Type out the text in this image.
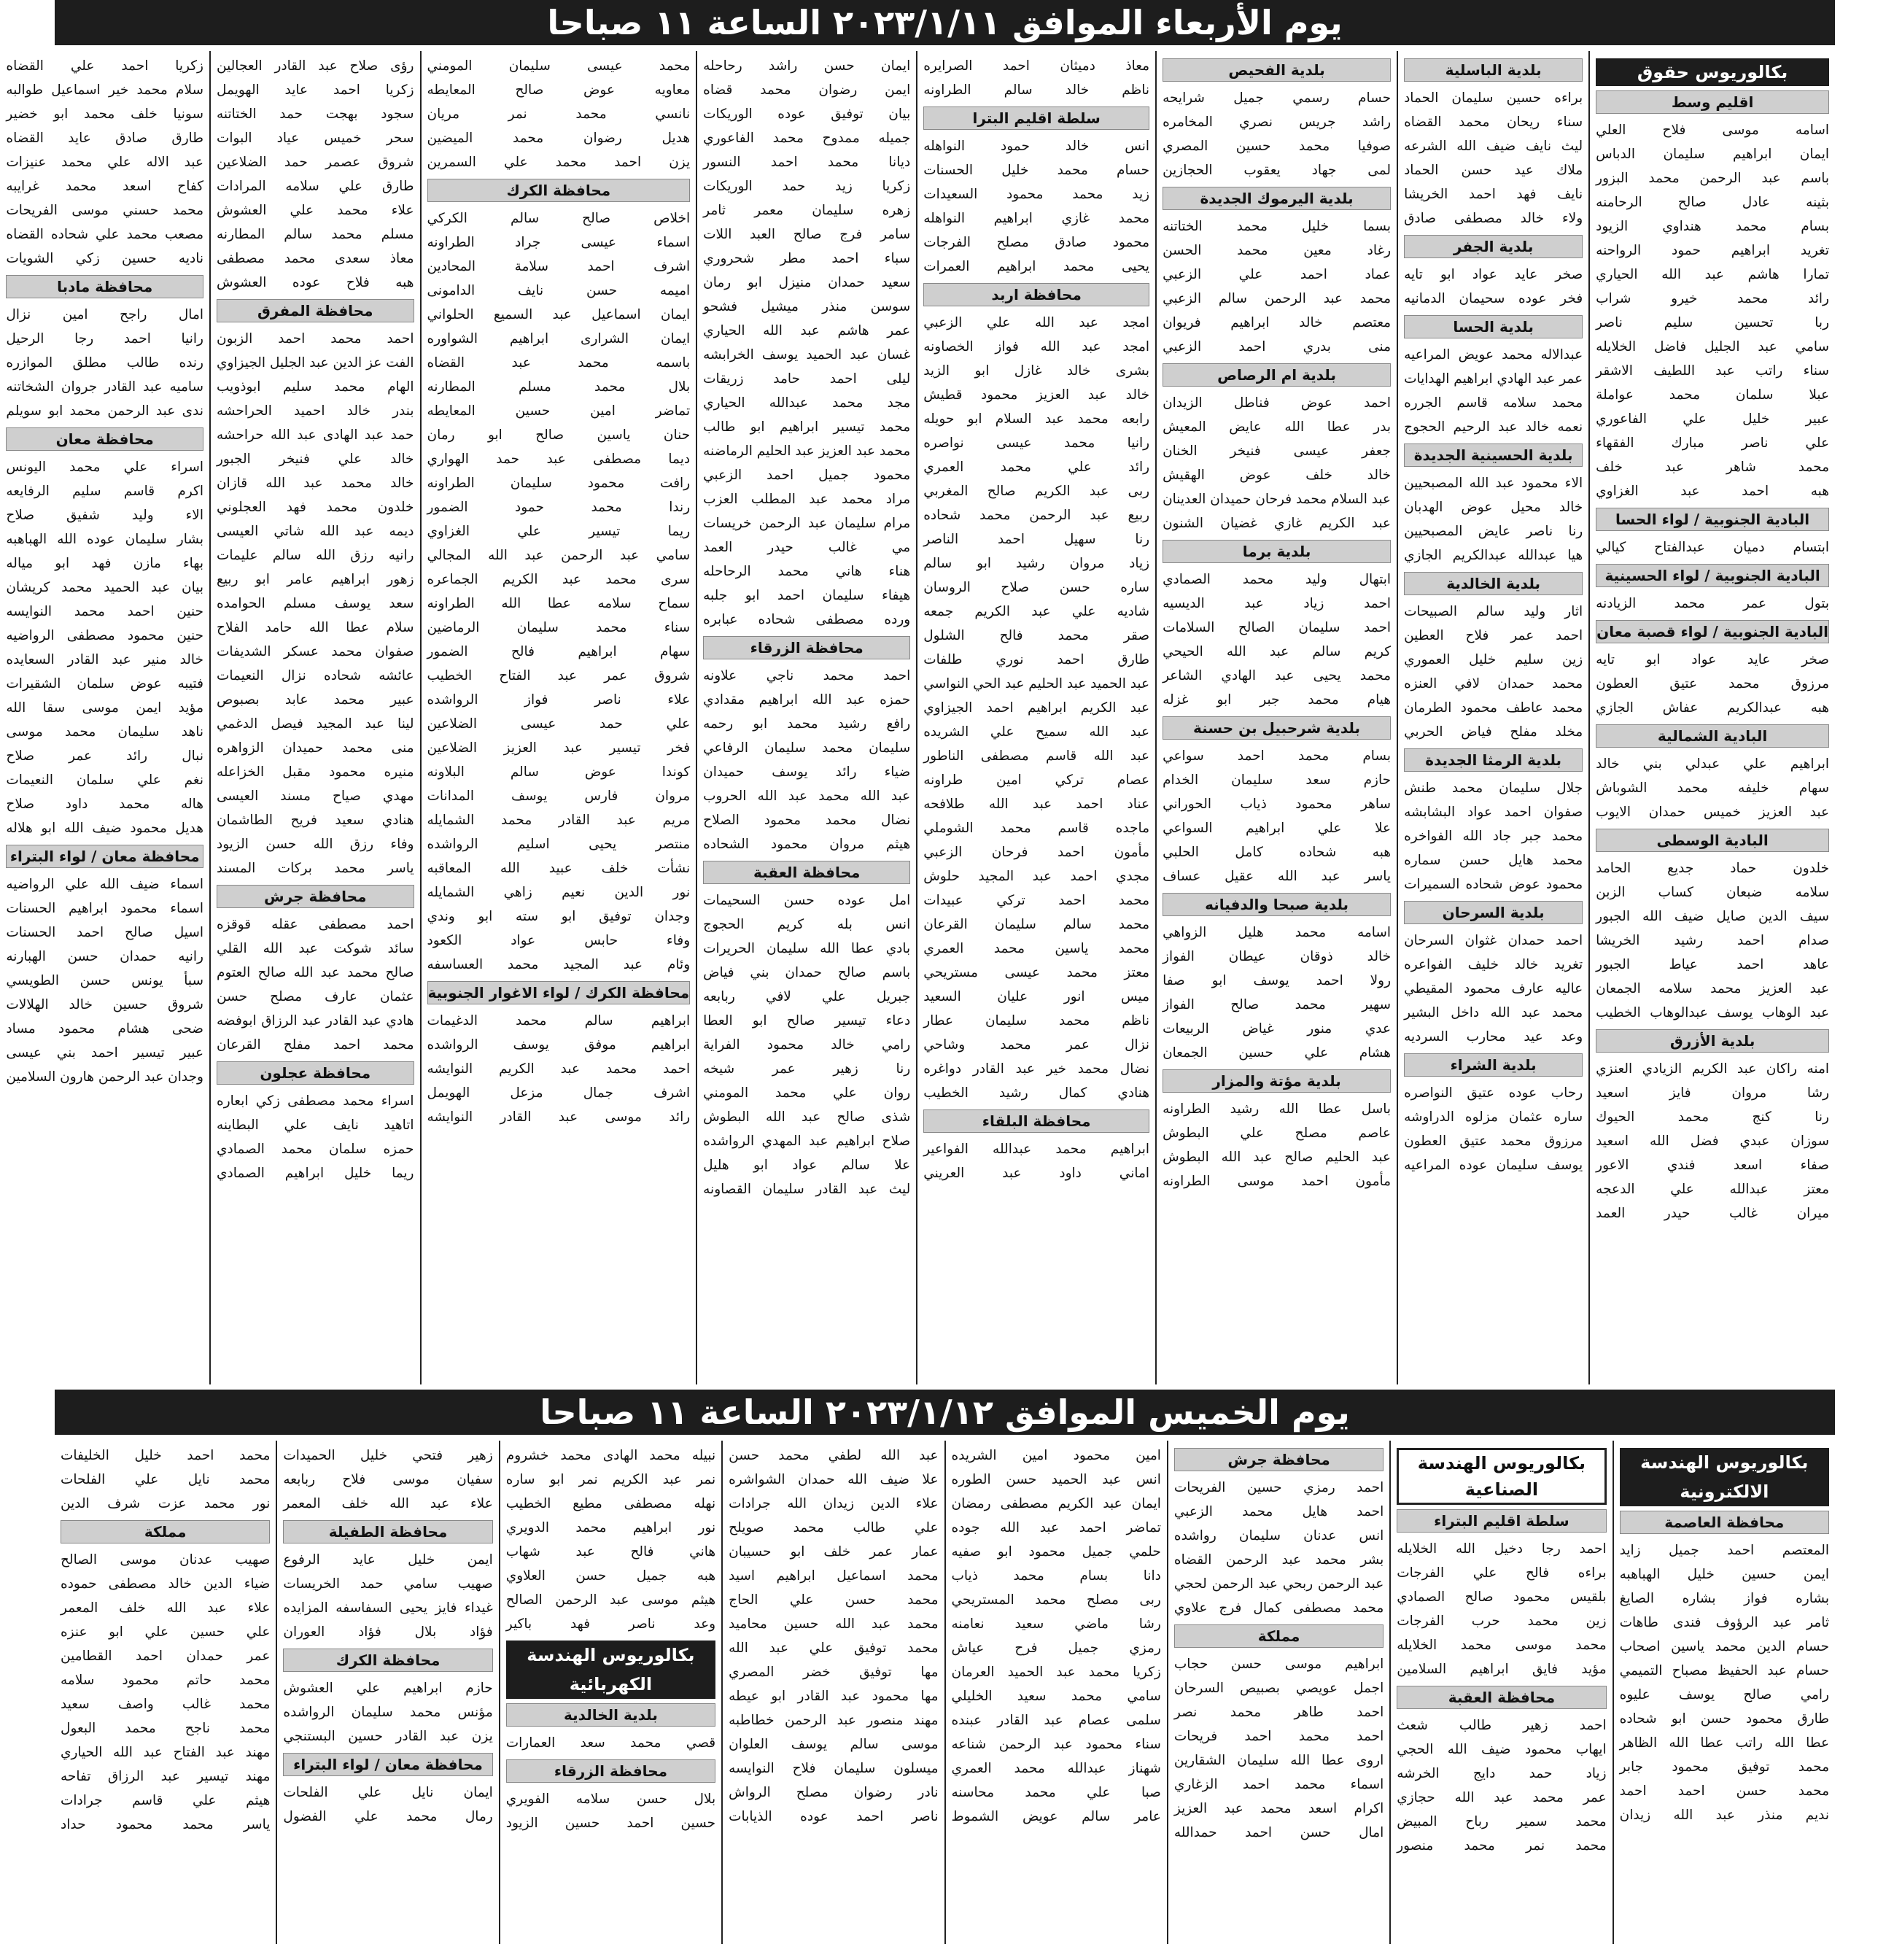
يوم الأربعاء الموافق ٢٠٢٣/١/١١ الساعة ١١ صباحا
بكالوريوس حقوق
اقليم وسط
اسامه موسى فلاح العلي
ايمان ابراهيم سليمان الدباس
باسم عبد الرحمن محمد البزور
بثينه عادل صالح الرحامنه
بسام محمد هنداوي الزيود
تغريد ابراهيم حمود الرواحنه
تمارا هاشم عبد الله الحياري
رائد محمد خيرو شراب
ربا تحسين سليم ناصر
سامي عبد الجليل فاضل الخلايله
سناء راتب عبد اللطيف الاشقر
عبلا سلمان محمد عواملة
عبير خليل علي الفاعوري
علي ناصر مبارك الفقهاء
محمد شاهر عبد خلف
هبه احمد عبد الغزاوي
البادية الجنوبية / لواء الحسا
ابتسام دميان عبدالفتاح كيالي
البادية الجنوبية / لواء الحسينية
بتول عمر محمد الزيادنه
البادية الجنوبية / لواء قصبة معان
صخر عايد عواد ابو تايه
مرزوق محمد عتيق العطون
هبه عبدالكريم عفاش الجازي
البادية الشمالية
ابراهيم علي عبدلي بني خالد
سهام خليفه محمد الشوباش
عبد العزيز خميس حمدان الايوب
البادية الوسطى
خلدون حماد جديع الحامد
سلامه ضبعان كساب الزبن
سيف الدين صايل ضيف الله الجبور
صدام احمد رشيد الخريشا
عاهد احمد عياط الجبور
عبد العزيز محمد سلامه الجمعان
عبد الوهاب يوسف عبدالوهاب الخطيب
بلدية الأزرق
امنه راكان عبد الكريم الزيادي العنزي
رشا مروان فايز اسعيد
رنا كنج محمد الحيوك
سوزان عبدي فضل الله اسعيد
صفاء اسعد فندي الاعور
معتز عبدالله علي الدعجه
ميران غالب حيدر العمد
بلدية الباسلية
براءه حسين سليمان الحماد
سناء ريحان محمد القضاه
ليث نايف ضيف الله الشرعه
ملاك عيد حسن الحماد
نايف فهد احمد الخريشا
ولاء خالد مصطفى صادق
بلدية الجفر
صخر عايد عواد ابو تايه
فخر عوده سحيمان الدمانيه
بلدية الحسا
عبدالاله محمد عويض المراعيه
عمر عبد الهادي ابراهيم الهدايات
محمد سلامه قاسم الجرره
نعمه خالد عبد الرحيم الحجوج
بلدية الحسينية الجديدة
الاء محمود عبد الله المصبحيين
خالد محيل عوض الهدبان
رنا ناصر عايض المصبحيين
هيا عبدالله عبدالكريم الجازي
بلدية الخالدية
اثار وليد سالم الصبيحات
احمد عمر فلاح العطين
زين سليم خليل العموري
محمد حمدان لافي العنزه
محمد عاطف محمود الطرمان
مخلد مفلح فياض الحربي
بلدية الرمثا الجديدة
جلال سليمان محمد طنش
صفوان احمد عواد البشابشه
محمد جبر جاد الله الفواخره
محمد هايل حسن سماره
محمود عوض شحاده السميرات
بلدية السرحان
احمد حمدان غثوان السرحان
تغريد خالد خليف الفواعره
عاليه عارف محمود المقيطي
محمد عبد الله داخل البشير
وعد عيد محارب السرديه
بلدية الشراء
رحاب عوده عتيق النواصره
ساره عثمان مزلوه الدراوشه
مرزوق محمد عتيق العطون
يوسف سليمان عوده المراعيه
بلدية الفحيص
حسام رسمي جميل شرايحه
راشد جريس نصري المخامره
صوفيا محمد حسين المصري
لمى جهاد يعقوب الحجازين
بلدية اليرموك الجديدة
بسما خليل محمد الختاتنه
رغاد معين محمد الحسن
عماد احمد علي الزعبي
محمد عبد الرحمن سالم الزعبي
معتصم خالد ابراهيم فريوان
منى بدري احمد الزعبي
بلدية ام الرصاص
احمد عوض فناطل الزيدان
بدر عطا الله عايض المعيش
جعفر عيسى فنيخر الخنان
خالد خلف عوض الهقيش
عبد السلام محمد فرحان حميدان العدينان
عبد الكريم غازي غضيان الشنون
بلدية برما
ابتهال وليد محمد الصمادي
احمد زياد عبد الديسيه
احمد سليمان الصالح السلامات
كريم سالم عبد الله الحيحي
محمد يحيى عبد الهادي الشاعر
هيام محمد جبر ابو غزله
بلدية شرحبيل بن حسنة
بسام محمد احمد سواعي
حازم سعد سليمان الخدام
ساهر محمود ذياب الحوراني
علا علي ابراهيم السواعي
هبه شحاده كامل الحلبي
ياسر عبد الله عقيل عساف
بلدية صبحا والدفيانه
اسامه محمد هليل الزواهي
خالد ذوقان عيطان الفواز
رولا احمد يوسف ابو صفا
سهير محمد صالح الفواز
عدي منور غياض الربيعات
هشام علي حسين الجمعان
بلدية مؤتة والمزار
باسل عطا الله رشيد الطراونه
عاصم مصلح علي البطوش
عبد الحليم صالح عبد الله البطوش
مأمون احمد موسى الطراونه
معاذ دميثان احمد الصرايره
ناظم خالد سالم الطراونه
سلطة اقليم البترا
انس خالد حمود النواهله
حسام محمد خليل الحسنات
زيد محمد محمود السعيدات
محمد غازي ابراهيم النواهله
محمود صادق مصلح الفرجات
يحيى محمد ابراهيم العمرات
محافظة اربد
امجد عبد الله علي الزعبي
امجد عبد الله فواز الخصاونه
بشرى خالد غازل ابو الزيد
خالد عبد العزيز محمود قطيش
رابعه محمد عبد السلام ابو حويله
رانيا محمد عيسى نواصره
رائد علي محمد العمري
ربى عبد الكريم صالح المغربي
ربيع عبد الرحمن محمد شحاده
رنا سهيل احمد الناصر
زياد مروان رشيد ابو سالم
ساره حسن صلاح الروسان
شاديه علي عبد الكريم جمعه
صقر محمد فالح الشلول
طارق احمد نوري طلفات
عبد الحميد عبد الحليم عبد الحي النواسي
عبد الكريم ابراهيم احمد الجيزاوي
عبد الله سميح علي الشريده
عبد الله قاسم مصطفى الناطور
عصام تركي امين طراونه
عناد احمد عبد الله طلافحه
ماجده قاسم محمد الشوملي
مأمون احمد فرحان الزعبي
مجدي احمد عبد المجيد حلوش
محمد احمد تركي عبيدات
محمد سالم سليمان القرعان
محمد ياسين محمد العمري
معتز محمد عيسى مستريحي
ميس انور عليان السعيد
ناظم محمد سليمان عطار
نزال عمر محمد وشاحي
نضال محمد خير عبد القادر دواغره
هنادي كمال رشيد الخطيب
محافظة البلقاء
ابراهيم محمد عبدالله الفواعير
اماني داود عبد العريني
ايمان حسن راشد رحاحله
ايمن رضوان محمد قضاه
بيان توفيق عوده الوريكات
جميله ممدوح محمد الفاعوري
ديانا محمد احمد النسور
زكريا زيد حمد الوريكات
زهره سليمان معمر ثامر
سامر فرج صالح العبد اللات
سباء احمد مطر شحروري
سعيد حمدان منيزل ابو رمان
سوسن منذر ميشيل فشحو
عمر هاشم عبد الله الحياري
غسان عبد الحميد يوسف الخرابشه
ليلى احمد حامد زريقات
مجد محمد عبدالله الحياري
محمد تيسير ابراهيم ابو طالب
محمد عبد العزيز عبد الحليم الرماضنه
محمود جميل احمد الزعبي
مراد محمد عبد المطلب العزب
مرام سليمان عبد الرحمن خريسات
مي غالب حيدر العمد
هناء هاني محمد الرحاحله
هيفاء سليمان احمد ابو جلبه
ورده مصطفى شحاده عبابره
محافظة الزرقاء
احمد محمد ناجي علاونه
حمزه عبد الله ابراهيم مقدادي
رافع رشيد محمد ابو رحمه
سليمان محمد سليمان الرفاعي
ضياء رائد يوسف حميدان
عبد الله محمد عبد الله الحروب
نضال محمد محمود الصلاح
هيثم مروان محمود الشحاده
محافظة العقبة
امل عوده حسن السحيمات
انس بله كريم الحجوج
بادي عطا الله سليمان الحريرات
باسم صالح حمدان بني فياض
جبريل علي لافي ربابعه
دعاء تيسير صالح ابو العطا
رامي خالد محمود الفراية
رنا زهير عمر شيخه
روان علي محمد المومني
شذى صالح عبد الله البطوش
صلاح ابراهيم عبد المهدي الرواشده
علا سالم عواد ابو هليل
ليث عبد القادر سليمان القصاونه
محمد عيسى سليمان المومني
معاويه عوض صالح المعايطه
نانسي محمد نمر مريان
هديل رضوان محمد الميضين
يزن احمد محمد علي السمرين
محافظة الكرك
اخلاص صالح سالم الكركي
اسماء عيسى جراد الطراونه
اشرف احمد سلامة المحادين
اميمه حسن نايف الدامونى
ايمان اسماعيل عبد السميع الحلواني
ايمان الشرارى ابراهيم الشواوره
باسمه محمد عبد القضاه
بلال محمد مسلم المطارنه
تماضر امين حسين المعايطه
حنان ياسين صالح ابو رمان
ديما مصطفى عبد حمد الهواري
رافت محمود سليمان الطراونه
رندا محمد حمود الضمور
ريما تيسير علي الغزاوي
سامي عبد الرحمن عبد الله المجالي
سرى محمد عبد الكريم الجماعره
سماح سلامه عطا الله الطراونه
سناء محمد سليمان الرماضين
سهام ابراهيم فالح الضمور
شروق عمر عبد الفتاح الخطيب
علاء ناصر فواز الرواشده
علي حمد عيسى الضلاعين
فخر تيسير عبد العزيز الضلاعين
كوندا عوض سالم البلاونه
مروان فارس يوسف المدانات
مريم عبد القادر محمد الشمايله
منتصر يحيى اسليم الرواشده
نشأت خلف عبيد الله المعاقبه
نور الدين نعيم زاهي الشمايله
وجدان توفيق ابو سته ابو وندي
وفاء حابس عواد الكعود
وئام عبد المجيد محمد العساسفه
محافظة الكرك / لواء الاغوار الجنوبية
ابراهيم سالم محمد الدغيمات
ابراهيم موفق يوسف الرواشده
احمد محمد عبد الكريم النوايشه
اشرف جمال مزعل الهويمل
رائد موسى عبد القادر النوايشه
رؤى صلاح عبد القادر العجالين
زكريا احمد عايد الهويمل
سجود بهجت حمد الختاتنه
سحر خميس عياد البوات
شروق عصمر حمد الضلاعين
طارق علي سلامه المرادات
علاء محمد علي العشوش
مسلم محمد سالم المطارنه
معاذ سعدى محمد مصطفى
هبه فلاح عوده العشوش
محافظة المفرق
احمد محمد احمد الزبون
الفت عز الدين عبد الجليل الجيزاوي
الهام محمد سليم ابوذويب
بندر خالد احميد الحراحشه
حمد عبد الهادى عبد الله حراحشه
خالد علي فنيخر الجبور
خالد محمد عبد الله قازان
خلدون محمد فهد العجلوني
ديمه عبد الله شاتي العيسى
رانيه رزق الله سالم عليمات
زهور ابراهيم عامر ابو ربيع
سعد يوسف مسلم الحوامده
سلام عطا الله حامد الفلاح
صفوان محمد عسكر الشديفات
عائشه شحاده نزال النعيمات
عبير محمد عابد بصبوص
لينا عبد المجيد فيصل الدغمي
منى محمد حميدان الزواهره
منيره محمود مقبل الخزاعله
مهدي صياح مسند العيسى
هنادي سعيد فريح الطاشمان
وفاء رزق الله حسن الزيود
ياسر محمد بركات المسند
محافظة جرش
احمد مصطفى عقله قوقزه
سائد شوكت عبد الله القلي
صالح محمد عبد الله صالح العتوم
عثمان عارف مصلح حسن
هادي عبد القادر عبد الرزاق ابوفضه
محمد احمد مفلح القرعان
محافظة عجلون
اسراء محمد مصطفى زكي ابعاره
اتاهيد نايف علي البطاينه
حمزه سلمان محمد الصمادي
ريما خليل ابراهيم الصمادي
زكريا احمد علي القضاه
سلام محمد خير اسماعيل طوالبه
سونيا خلف محمد ابو خضير
طارق صادق عايد القضاه
عبد الاله علي محمد عنيزات
كفاح اسعد محمد غرايبه
محمد حسني موسى الفريحات
مصعب محمد علي شحاده القضاه
ناديه حسين زكي الشويات
محافظة مادبا
امال راجح امين نزال
رانيا احمد رجا الرحيل
رنده طالب مطلق الموازره
ساميه عبد القادر جروان الشخاتنه
ندى عبد الرحمن محمد ابو سويلم
محافظة معان
اسراء علي محمد اليونس
اكرم قاسم سليم الرفايعه
الاء وليد شفيق صلاح
بشار سليمان عوده الله الهباهبه
بهاء مازن فهد ابو مياله
بيان عبد الحميد محمد كريشان
حنين احمد محمد النوايسه
حنين محمود مصطفى الرواضيه
خالد منير عبد القادر السعايده
فتيبه عوض سلمان الشقيرات
مؤيد ايمن موسى سقا الله
ناهد سليمان محمد موسى
نبال رائد عمر صلاح
نغم علي سلمان النعيمات
هاله محمد داود صلاح
هديل محمود ضيف الله ابو هلاله
محافظة معان / لواء البتراء
اسماء ضيف الله علي الرواضيه
اسماء محمود ابراهيم الحسنات
اسيل صالح احمد الحسنات
رانيه حمدان حسن الهبارنه
سبأ يونس حسن الطويسي
شروق حسين خالد الهلالات
ضحى هشام محمود مساد
عبير تيسير احمد بني عيسى
وجدان عبد الرحمن هارون السلامين
يوم الخميس الموافق ٢٠٢٣/١/١٢ الساعة ١١ صباحا
بكالوريوس الهندسة الالكترونية
محافظة العاصمة
المعتصم احمد جميل زايد
ايمن حسين خليل الهباهبه
بشاره فواز بشاره الصايغ
ثامر عبد الرؤوف فندى طاهات
حسام الدين محمد ياسين اصحاب
حسام عبد الحفيظ مصباح التميمي
رامي صالح يوسف عليوه
طارق محمود حسن ابو شحاده
عطا الله راتب عطا الله الظاهر
محمد توفيق محمود جابر
محمد حسن احمد احمد
نديم منذر عبد الله زيدان
بكالوريوس الهندسة الصناعية
سلطة اقليم البتراء
احمد رجا دخيل الله الخلايله
براءه فالح علي الفرجات
بلقيس محمود صالح الصمادي
زين محمد حرب الفرجات
محمد موسى محمد الخلايله
مؤيد فايق ابراهيم السلامين
محافظة العقبة
احمد زهير طالب شعث
ايهاب محمود ضيف الله الحجي
زياد حمد دايج الخرشه
عمر محمد عبد الله حجازي
محمد سمير رباح المبيض
محمد نمر محمد منصور
محافظة جرش
احمد رمزي حسين الفريحات
احمد هايل محمد الزعبي
انس عدنان سليمان رواشده
بشر محمد عبد الرحمن القضاه
عبد الرحمن ربحي عبد الرحمن لحجي
محمد مصطفى كمال فرج علاوي
مملكة
ابراهيم موسى حسن حجاب
اجمل عويصي بصبيص السرحان
احمد طاهر محمد نصر
احمد محمد احمد فريحات
اروى عطا الله سليمان الشقارين
اسماء محمد احمد الزغاري
اكرام اسعد محمد عبد العزيز
امال حسن احمد حمدالله
امين محمود امين الشريده
انس عبد الحميد حسن الطوره
ايمان عبد الكريم مصطفى رمضان
تماضر احمد عبد الله جوده
حلمي جميل محمود ابو صفيه
دانا بسام محمد ذياب
ربى مصلح محمد المستريحي
رشا ماضي سعيد نعامنه
رمزي جميل فرح عياش
زكريا محمد عبد الحميد العرمان
سامي محمد سعيد الخليلي
سلمى عصام عبد القادر عبنده
سناء محمود عبد الرحمن شناعه
شهناز عبدالله محمد العمري
صبا علي محمد محاسنه
عامر سالم عويض الشموط
عبد الله لطفي محمد حسن
علا ضيف الله حمدان الشواشره
علاء الدين زيدان الله جرادات
علي طالب محمد صويلح
عمار عمر خلف ابو حسيبان
محمد اسماعيل ابراهيم اسيد
محمد حسن علي الحاج
محمد عبد الله حسين محاميد
محمد توفيق علي عبد الله
مها توفيق خضر المصري
مها محمود عبد القادر ابو عيطه
مهند منصور عبد الرحمن خطاطبه
موسى سالم يوسف العلوان
ميسلون سليمان فلاح النوايسه
نادر رضوان مصلح الرواش
ناصر احمد عوده الذيابات
نبيله محمد الهادى محمد خشروم
نمر عبد الكريم نمر ابو ساره
نهله مصطفى مطيع الخطيب
نور ابراهيم محمد الدويري
هاني فالح عبد شهاب
هبه جميل حسن العلاوي
هيثم موسى عبد الرحمن الصالح
وعد ناصر فهد باكير
بكالوريوس الهندسة الكهربائية
بلدية الخالدية
قصي محمد سعد العمارات
محافظة الزرقاء
بلال حسن سلامه الفويري
حسين احمد حسين الزيود
زهير فتحي خليل الحميدات
سفيان موسى فلاح ربابعه
علاء عبد الله خلف المعمر
محافظة الطفيلة
ايمن خليل عايد الرفوع
صهيب سامي حمد الخريسات
غيداء فايز يحيى السفاسفه المزايده
فؤاد بلال فؤاد العوران
محافظة الكرك
حازم ابراهيم علي العشوش
مؤنس محمد سليمان الرواشده
يزن عبد القادر حسين البستنجي
محافظة معان / لواء البتراء
ايمان نايل علي الفلحات
رمال محمد علي الفضول
محمد احمد خليل الخليفات
محمد نايل علي الفلحات
نور محمد عزت شرف الدين
مملكة
صهيب عدنان موسى الصالح
ضياء الدين خالد مصطفى حموده
علاء عبد الله خلف المعمر
علي حسين علي ابو عنزه
عمر حمدان احمد القطامين
محمد حاتم محمود سلامه
محمد غالب واصف سعيد
محمد ناجح محمد البعول
مهند عبد الفتاح عبد الله الحياري
مهند تيسير عبد الرزاق تفاحه
هيثم علي قاسم جرادات
ياسر محمد محمود حداد
